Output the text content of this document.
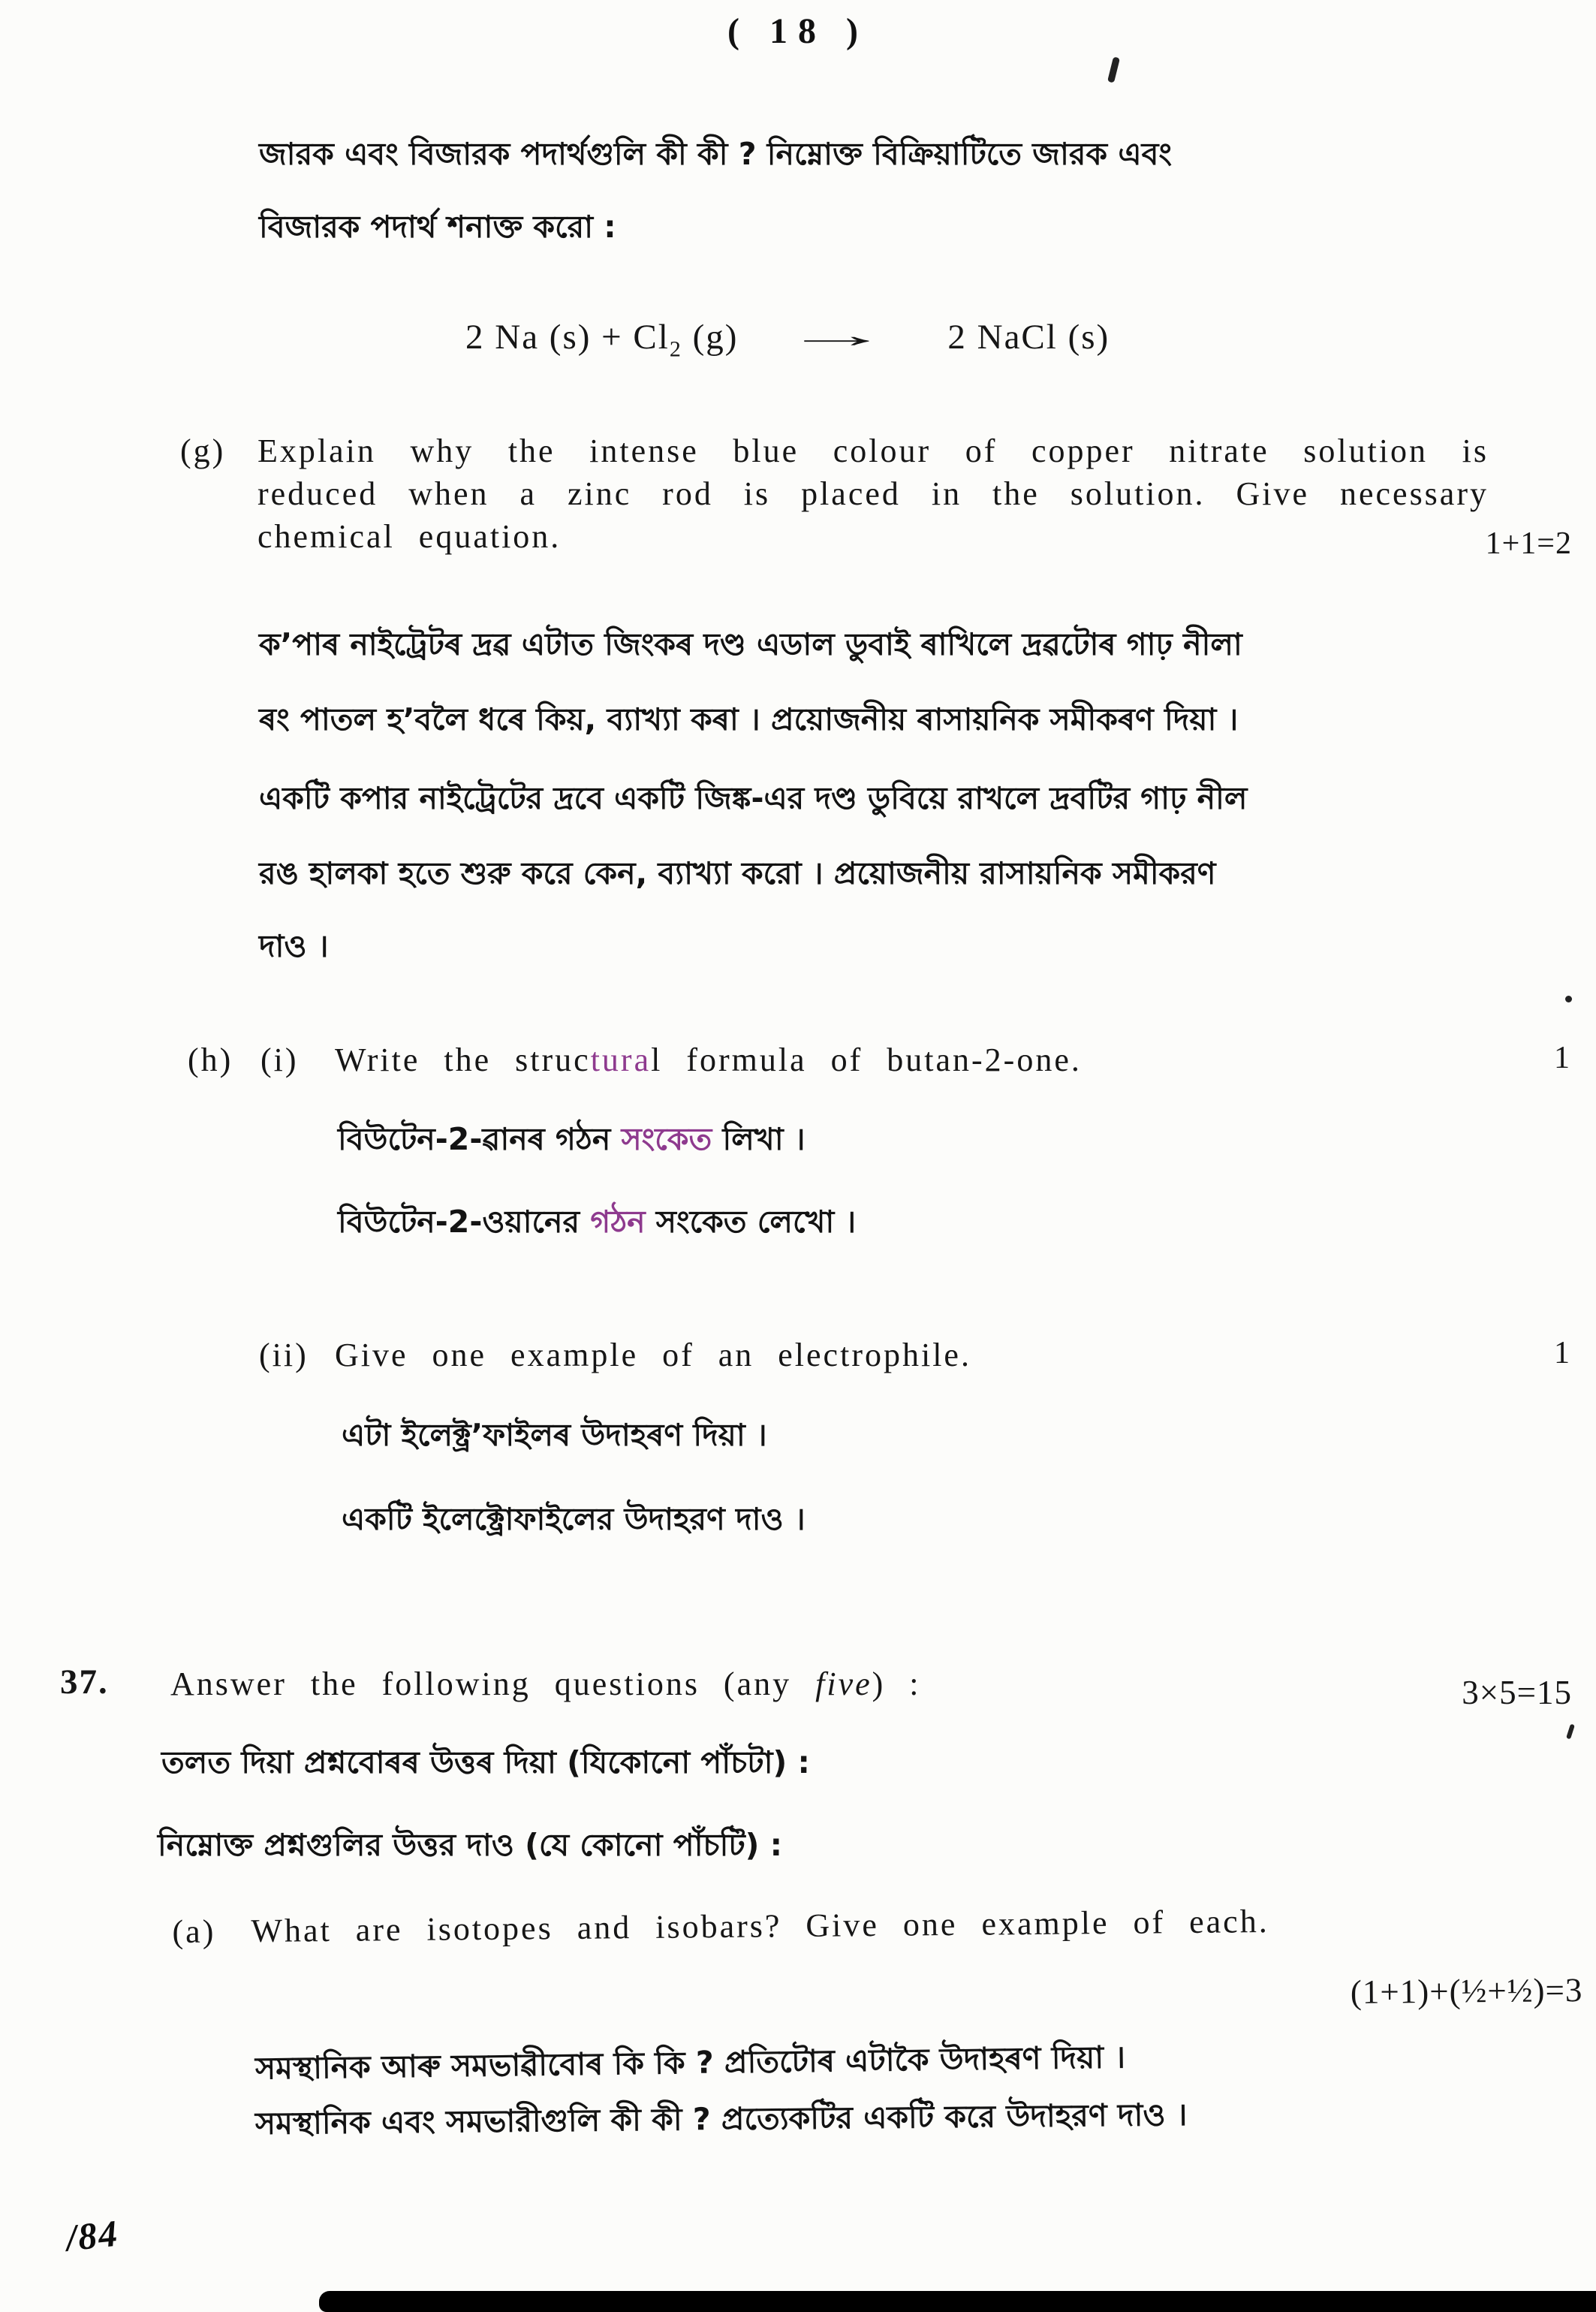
( 18 )
জারক এবং বিজারক পদার্থগুলি কী কী ? নিম্নোক্ত বিক্রিয়াটিতে জারক এবং
বিজারক পদার্থ শনাক্ত করো :
2 Na $(s) + Cl_2$ (g) → 2 NaCl (s)
(g) Explain why the intense blue colour of copper nitrate solution is reduced when a zinc rod is placed in the solution. Give necessary chemical equation.	1+1=2
ক’পাৰ নাইট্ৰেটৰ দ্ৰৱ এটাত জিংকৰ দণ্ড এডাল ডুবাই ৰাখিলে দ্ৰৱটোৰ গাঢ় নীলা
ৰং পাতল হ’বলৈ ধৰে কিয়, ব্যাখ্যা কৰা । প্ৰয়োজনীয় ৰাসায়নিক সমীকৰণ দিয়া ।
একটি কপার নাইট্রেটের দ্রবে একটি জিঙ্ক-এর দণ্ড ডুবিয়ে রাখলে দ্রবটির গাঢ় নীল
রঙ হালকা হতে শুরু করে কেন, ব্যাখ্যা করো । প্রয়োজনীয় রাসায়নিক সমীকরণ
দাও ।
(h) (i) Write the structural formula of butan-2-one.	1
বিউটেন-2-ৱানৰ গঠন সংকেত লিখা ।
বিউটেন-2-ওয়ানের গঠন সংকেত লেখো ।
(ii) Give one example of an electrophile.	1
এটা ইলেক্ট্র’ফাইলৰ উদাহৰণ দিয়া ।
একটি ইলেক্ট্রোফাইলের উদাহরণ দাও ।
37. Answer the following questions (any five) :	3×5=15
তলত দিয়া প্রশ্নবোৰৰ উত্তৰ দিয়া (যিকোনো পাঁচটা) :
নিম্নোক্ত প্রশ্নগুলির উত্তর দাও (যে কোনো পাঁচটি) :
(a) What are isotopes and isobars? Give one example of each.
(1+1)+(½+½)=3
সমস্থানিক আৰু সমভাৱীবোৰ কি কি ? প্রতিটোৰ এটাকৈ উদাহৰণ দিয়া ।
সমস্থানিক এবং সমভারীগুলি কী কী ? প্রত্যেকটির একটি করে উদাহরণ দাও ।
/84
